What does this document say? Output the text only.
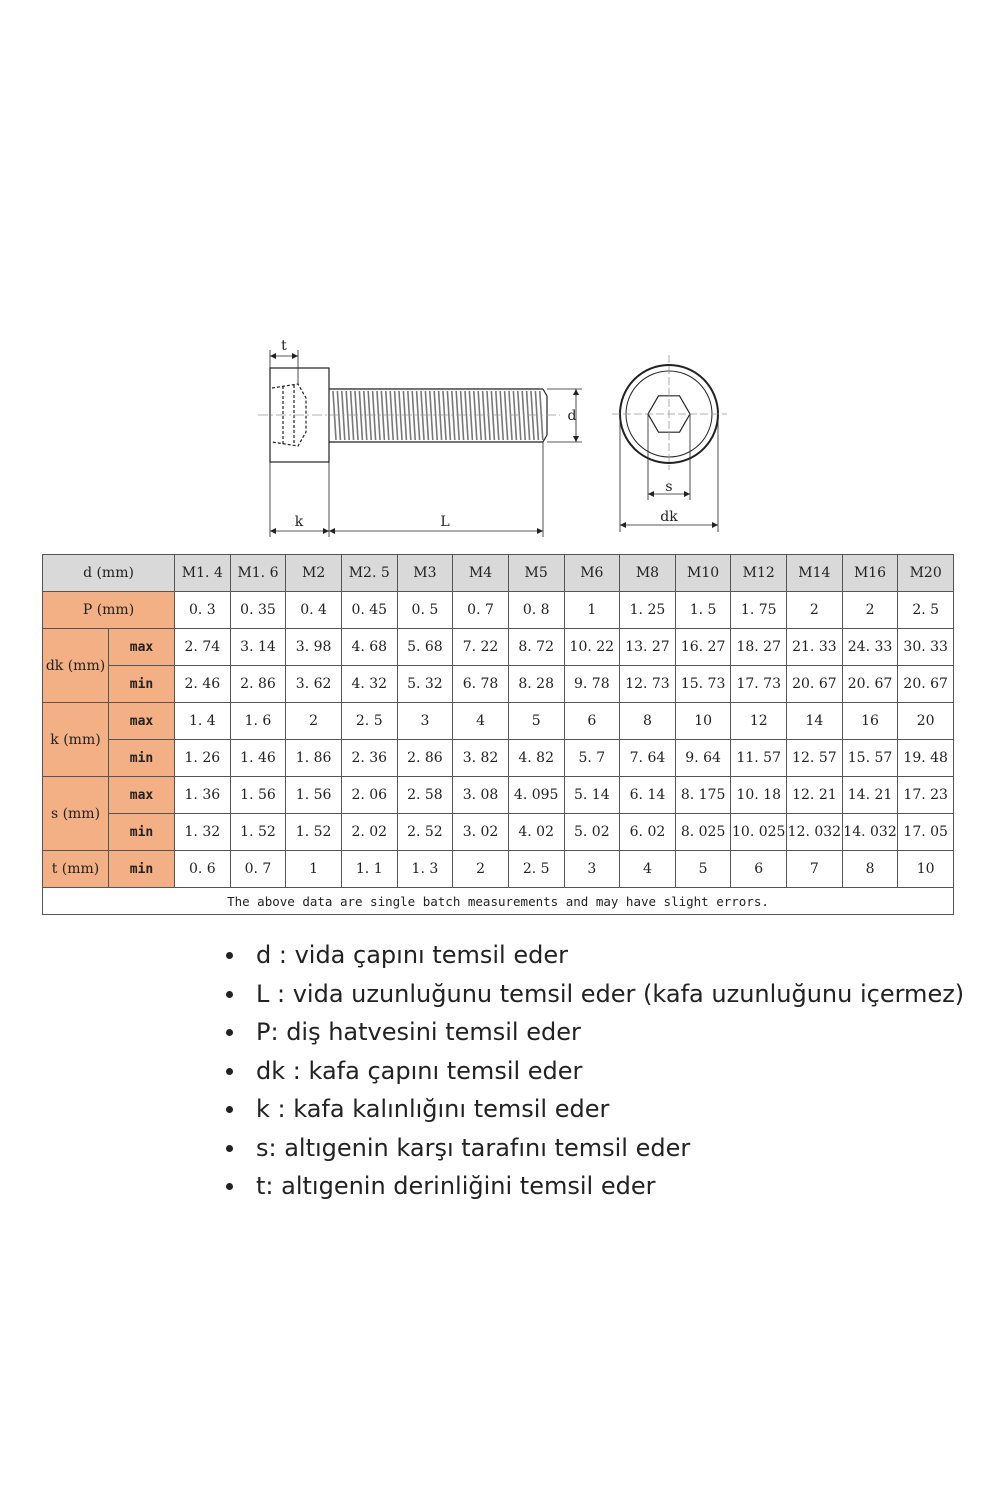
t
d
k	L
s
dk
d (mm)		M1. 4	M1. 6	M2	M2. 5	M3	M4	M5	M6	M8	M10	M12	M14	M16	M20
P (mm)		0. 3	0. 35	0. 4	0. 45	0. 5	0. 7	0. 8	1	1. 25	1. 5	1. 75	2	2	2. 5
dk (mm)	max	2. 74	3. 14	3. 98	4. 68	5. 68	7. 22	8. 72	10. 22	13. 27	16. 27	18. 27	21. 33	24. 33	30. 33
	min	2. 46	2. 86	3. 62	4. 32	5. 32	6. 78	8. 28	9. 78	12. 73	15. 73	17. 73	20. 67	20. 67	20. 67
k (mm)	max	1. 4	1. 6	2	2. 5	3	4	5	6	8	10	12	14	16	20
	min	1. 26	1. 46	1. 86	2. 36	2. 86	3. 82	4. 82	5. 7	7. 64	9. 64	11. 57	12. 57	15. 57	19. 48
s (mm)	max	1. 36	1. 56	1. 56	2. 06	2. 58	3. 08	4. 095	5. 14	6. 14	8. 175	10. 18	12. 21	14. 21	17. 23
	min	1. 32	1. 52	1. 52	2. 02	2. 52	3. 02	4. 02	5. 02	6. 02	8. 025	10. 025	12. 032	14. 032	17. 05
t (mm)	min	0. 6	0. 7	1	1. 1	1. 3	2	2. 5	3	4	5	6	7	8	10
The above data are single batch measurements and may have slight errors.															
d : vida çapını temsil eder
L : vida uzunluğunu temsil eder (kafa uzunluğunu içermez)
P: diş hatvesini temsil eder
dk : kafa çapını temsil eder
k : kafa kalınlığını temsil eder
s: altıgenin karşı tarafını temsil eder
t: altıgenin derinliğini temsil eder
